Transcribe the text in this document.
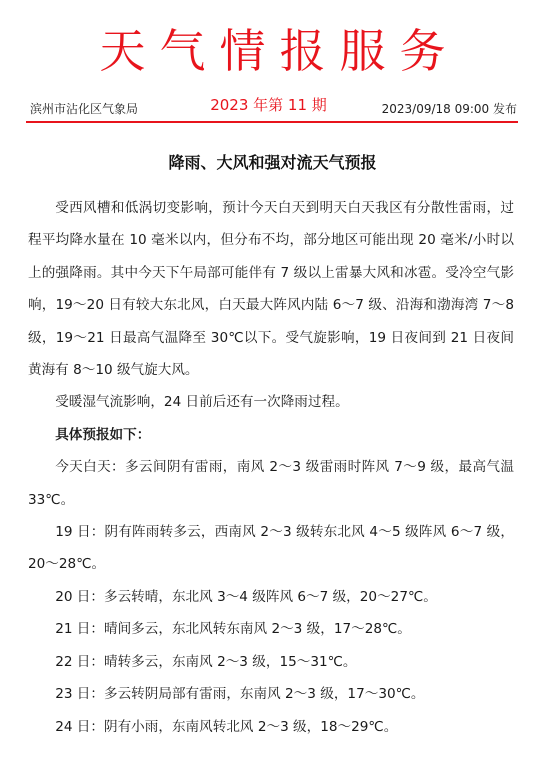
天气情报服务
滨州市沾化区气象局	2023 年第 11 期	2023/09/18 09:00 发布
降雨、大风和强对流天气预报

受西风槽和低涡切变影响，预计今天白天到明天白天我区有分散性雷雨，过程平均降水量在 10 毫米以内，但分布不均，部分地区可能出现 20 毫米/小时以上的强降雨。其中今天下午局部可能伴有 7 级以上雷暴大风和冰雹。受冷空气影响，19～20 日有较大东北风，白天最大阵风内陆 6～7 级、沿海和渤海湾 7～8 级，19～21 日最高气温降至 30℃以下。受气旋影响，19 日夜间到 21 日夜间黄海有 8～10 级气旋大风。

受暖湿气流影响，24 日前后还有一次降雨过程。

具体预报如下：

今天白天：多云间阴有雷雨，南风 2～3 级雷雨时阵风 7～9 级，最高气温 33℃。

19 日：阴有阵雨转多云，西南风 2～3 级转东北风 4～5 级阵风 6～7 级，20～28℃。

20 日：多云转晴，东北风 3～4 级阵风 6～7 级，20～27℃。

21 日：晴间多云，东北风转东南风 2～3 级，17～28℃。

22 日：晴转多云，东南风 2～3 级，15～31℃。

23 日：多云转阴局部有雷雨，东南风 2～3 级，17～30℃。

24 日：阴有小雨，东南风转北风 2～3 级，18～29℃。
